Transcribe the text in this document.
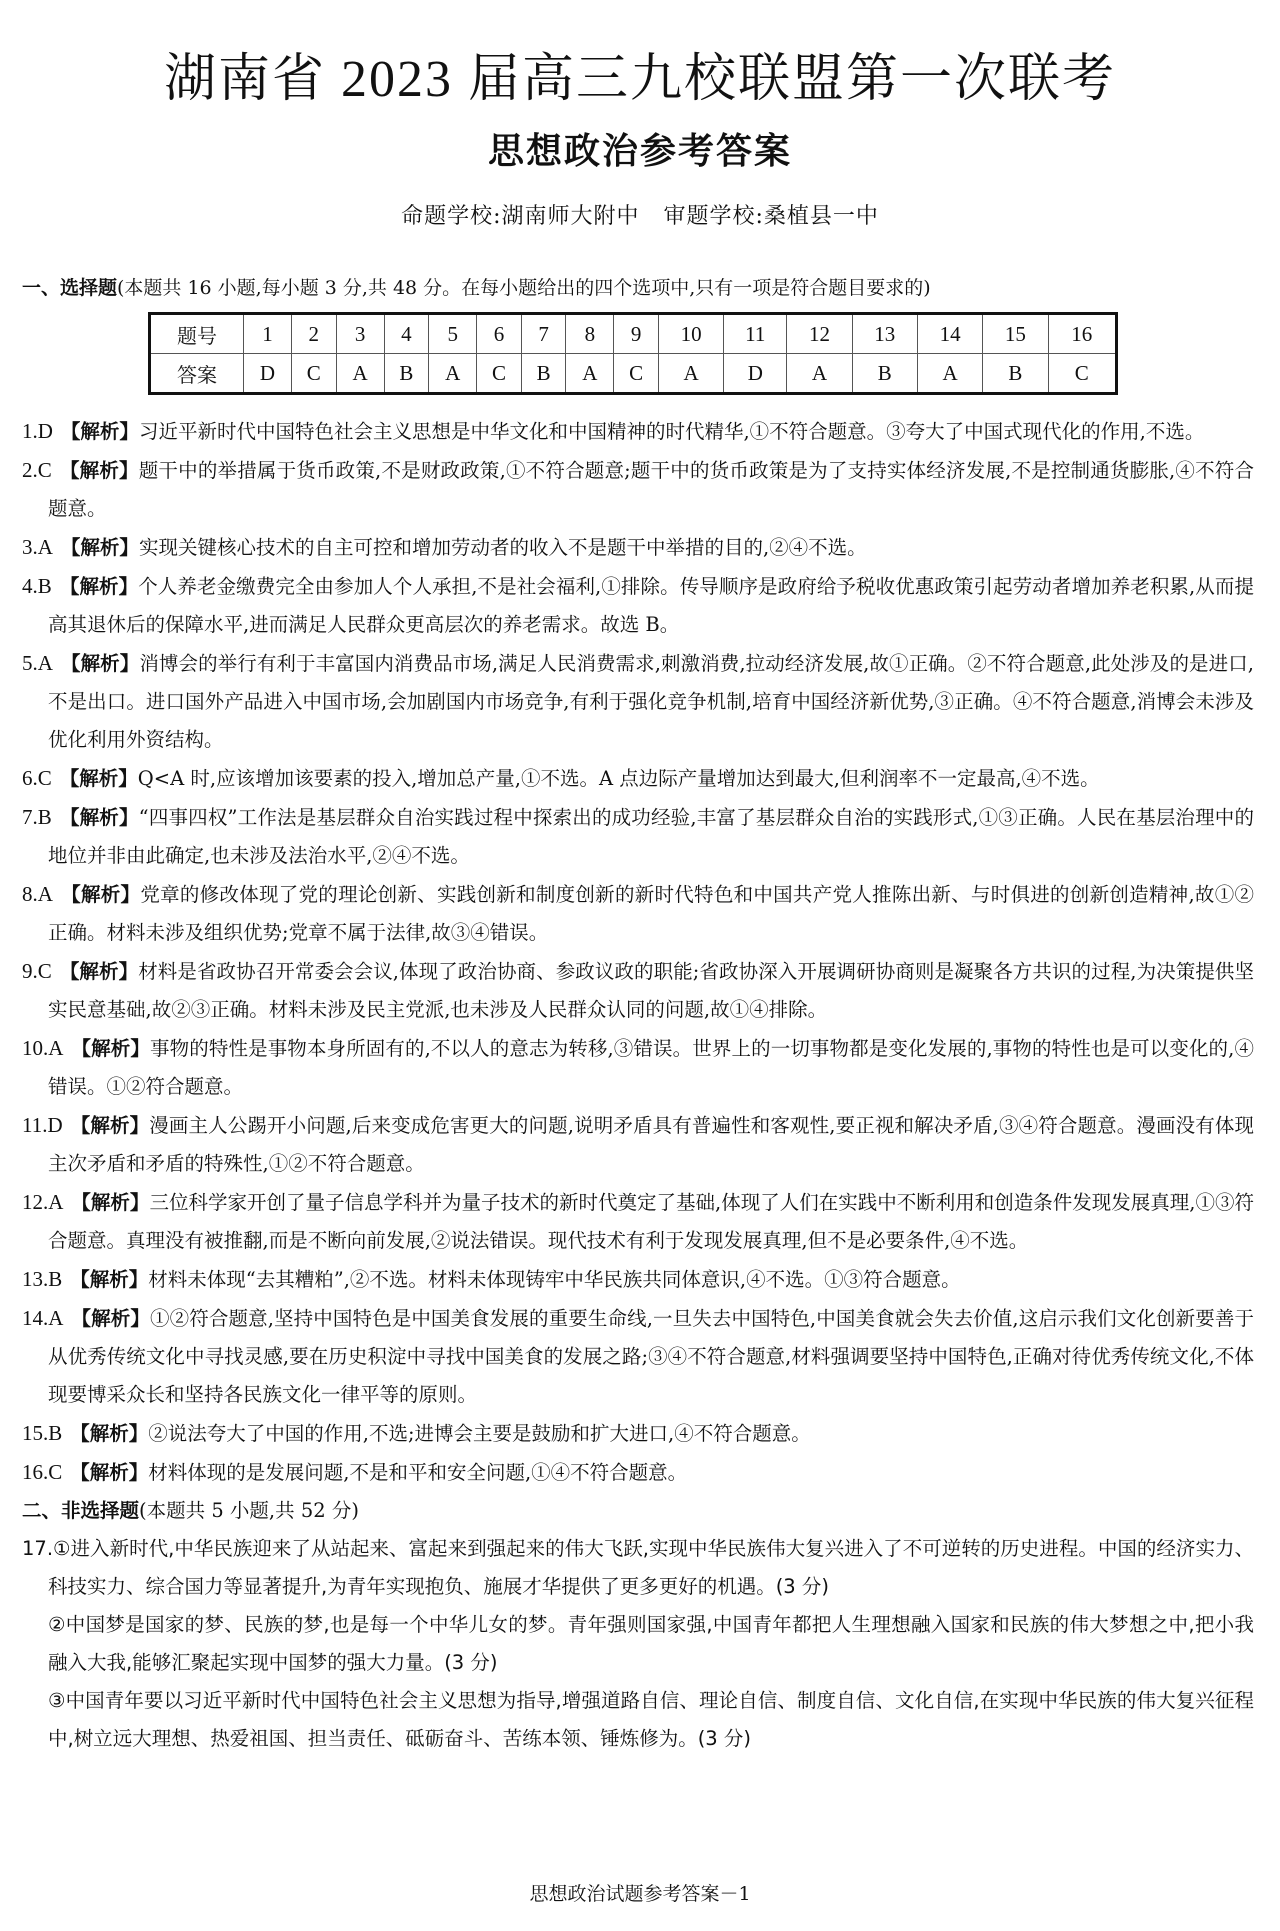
湖南省 2023 届高三九校联盟第一次联考
思想政治参考答案
命题学校:湖南师大附中 审题学校:桑植县一中
一、选择题(本题共 16 小题,每小题 3 分,共 48 分。在每小题给出的四个选项中,只有一项是符合题目要求的)
题号	1	2	3	4	5	6	7	8	9	10	11	12	13	14	15	16
答案	D	C	A	B	A	C	B	A	C	A	D	A	B	A	B	C
1.D 【解析】习近平新时代中国特色社会主义思想是中华文化和中国精神的时代精华,①不符合题意。③夸大了中国式现代化的作用,不选。
2.C 【解析】题干中的举措属于货币政策,不是财政政策,①不符合题意;题干中的货币政策是为了支持实体经济发展,不是控制通货膨胀,④不符合题意。
3.A 【解析】实现关键核心技术的自主可控和增加劳动者的收入不是题干中举措的目的,②④不选。
4.B 【解析】个人养老金缴费完全由参加人个人承担,不是社会福利,①排除。传导顺序是政府给予税收优惠政策引起劳动者增加养老积累,从而提高其退休后的保障水平,进而满足人民群众更高层次的养老需求。故选 B。
5.A 【解析】消博会的举行有利于丰富国内消费品市场,满足人民消费需求,刺激消费,拉动经济发展,故①正确。②不符合题意,此处涉及的是进口,不是出口。进口国外产品进入中国市场,会加剧国内市场竞争,有利于强化竞争机制,培育中国经济新优势,③正确。④不符合题意,消博会未涉及优化利用外资结构。
6.C 【解析】Q<A 时,应该增加该要素的投入,增加总产量,①不选。A 点边际产量增加达到最大,但利润率不一定最高,④不选。
7.B 【解析】“四事四权”工作法是基层群众自治实践过程中探索出的成功经验,丰富了基层群众自治的实践形式,①③正确。人民在基层治理中的地位并非由此确定,也未涉及法治水平,②④不选。
8.A 【解析】党章的修改体现了党的理论创新、实践创新和制度创新的新时代特色和中国共产党人推陈出新、与时俱进的创新创造精神,故①②正确。材料未涉及组织优势;党章不属于法律,故③④错误。
9.C 【解析】材料是省政协召开常委会会议,体现了政治协商、参政议政的职能;省政协深入开展调研协商则是凝聚各方共识的过程,为决策提供坚实民意基础,故②③正确。材料未涉及民主党派,也未涉及人民群众认同的问题,故①④排除。
10.A 【解析】事物的特性是事物本身所固有的,不以人的意志为转移,③错误。世界上的一切事物都是变化发展的,事物的特性也是可以变化的,④错误。①②符合题意。
11.D 【解析】漫画主人公踢开小问题,后来变成危害更大的问题,说明矛盾具有普遍性和客观性,要正视和解决矛盾,③④符合题意。漫画没有体现主次矛盾和矛盾的特殊性,①②不符合题意。
12.A 【解析】三位科学家开创了量子信息学科并为量子技术的新时代奠定了基础,体现了人们在实践中不断利用和创造条件发现发展真理,①③符合题意。真理没有被推翻,而是不断向前发展,②说法错误。现代技术有利于发现发展真理,但不是必要条件,④不选。
13.B 【解析】材料未体现“去其糟粕”,②不选。材料未体现铸牢中华民族共同体意识,④不选。①③符合题意。
14.A 【解析】①②符合题意,坚持中国特色是中国美食发展的重要生命线,一旦失去中国特色,中国美食就会失去价值,这启示我们文化创新要善于从优秀传统文化中寻找灵感,要在历史积淀中寻找中国美食的发展之路;③④不符合题意,材料强调要坚持中国特色,正确对待优秀传统文化,不体现要博采众长和坚持各民族文化一律平等的原则。
15.B 【解析】②说法夸大了中国的作用,不选;进博会主要是鼓励和扩大进口,④不符合题意。
16.C 【解析】材料体现的是发展问题,不是和平和安全问题,①④不符合题意。
二、非选择题(本题共 5 小题,共 52 分)
17.①进入新时代,中华民族迎来了从站起来、富起来到强起来的伟大飞跃,实现中华民族伟大复兴进入了不可逆转的历史进程。中国的经济实力、科技实力、综合国力等显著提升,为青年实现抱负、施展才华提供了更多更好的机遇。(3 分)
②中国梦是国家的梦、民族的梦,也是每一个中华儿女的梦。青年强则国家强,中国青年都把人生理想融入国家和民族的伟大梦想之中,把小我融入大我,能够汇聚起实现中国梦的强大力量。(3 分)
③中国青年要以习近平新时代中国特色社会主义思想为指导,增强道路自信、理论自信、制度自信、文化自信,在实现中华民族的伟大复兴征程中,树立远大理想、热爱祖国、担当责任、砥砺奋斗、苦练本领、锤炼修为。(3 分)
思想政治试题参考答案－1
